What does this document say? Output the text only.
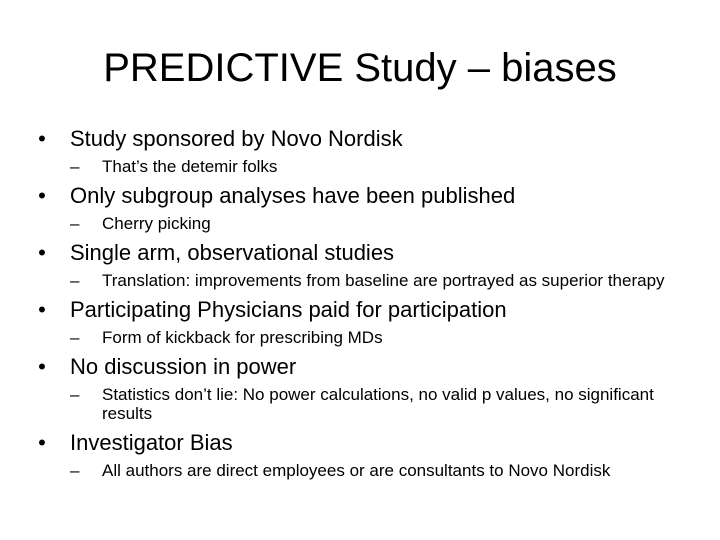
PREDICTIVE Study – biases
•	Study sponsored by Novo Nordisk
– That’s the detemir folks
•	Only subgroup analyses have been published
– Cherry picking
•	Single arm, observational studies
– Translation: improvements from baseline are portrayed as superior therapy
•	Participating Physicians paid for participation
– Form of kickback for prescribing MDs
•	No discussion in power
– Statistics don’t lie: No power calculations, no valid p values, no significant results
•	Investigator Bias
– All authors are direct employees or are consultants to Novo Nordisk
